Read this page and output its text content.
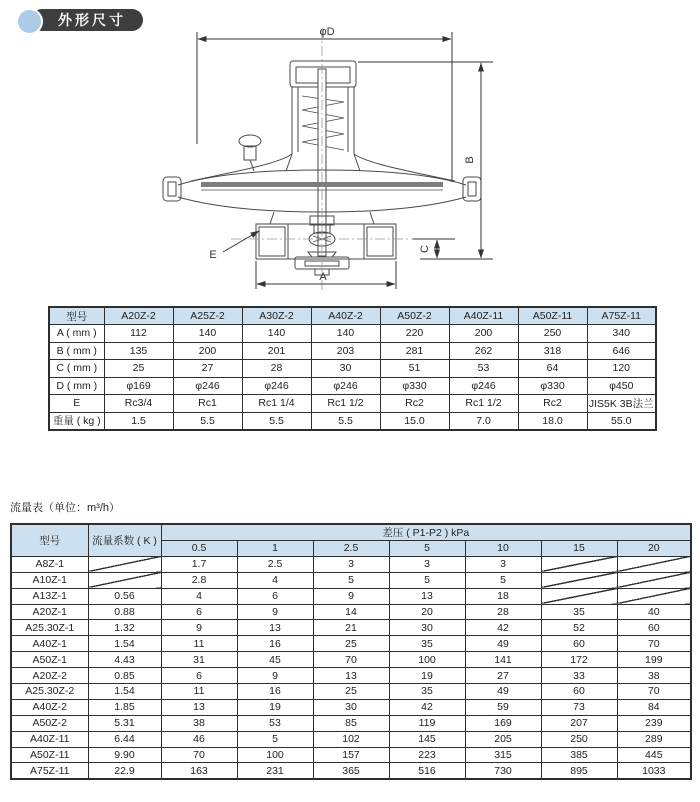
外形尺寸
φD
B
C
A
E
型号	A20Z-2	A25Z-2	A30Z-2	A40Z-2	A50Z-2	A40Z-11	A50Z-11	A75Z-11
A ( mm )	112	140	140	140	220	200	250	340
B ( mm )	135	200	201	203	281	262	318	646
C ( mm )	25	27	28	30	51	53	64	120
D ( mm )	φ169	φ246	φ246	φ246	φ330	φ246	φ330	φ450
E	Rc3/4	Rc1	Rc1 1/4	Rc1 1/2	Rc2	Rc1 1/2	Rc2	JIS5K 3B法兰
重量 ( kg )	1.5	5.5	5.5	5.5	15.0	7.0	18.0	55.0
流量表（单位：m³/h）
型号	流量系数 ( K )	差压 ( P1-P2 ) kPa						
		0.5	1	2.5	5	10	15	20
A8Z-1		1.7	2.5	3	3	3		
A10Z-1		2.8	4	5	5	5		
A13Z-1	0.56	4	6	9	13	18		
A20Z-1	0.88	6	9	14	20	28	35	40
A25.30Z-1	1.32	9	13	21	30	42	52	60
A40Z-1	1.54	11	16	25	35	49	60	70
A50Z-1	4.43	31	45	70	100	141	172	199
A20Z-2	0.85	6	9	13	19	27	33	38
A25.30Z-2	1.54	11	16	25	35	49	60	70
A40Z-2	1.85	13	19	30	42	59	73	84
A50Z-2	5.31	38	53	85	119	169	207	239
A40Z-11	6.44	46	5	102	145	205	250	289
A50Z-11	9.90	70	100	157	223	315	385	445
A75Z-11	22.9	163	231	365	516	730	895	1033
